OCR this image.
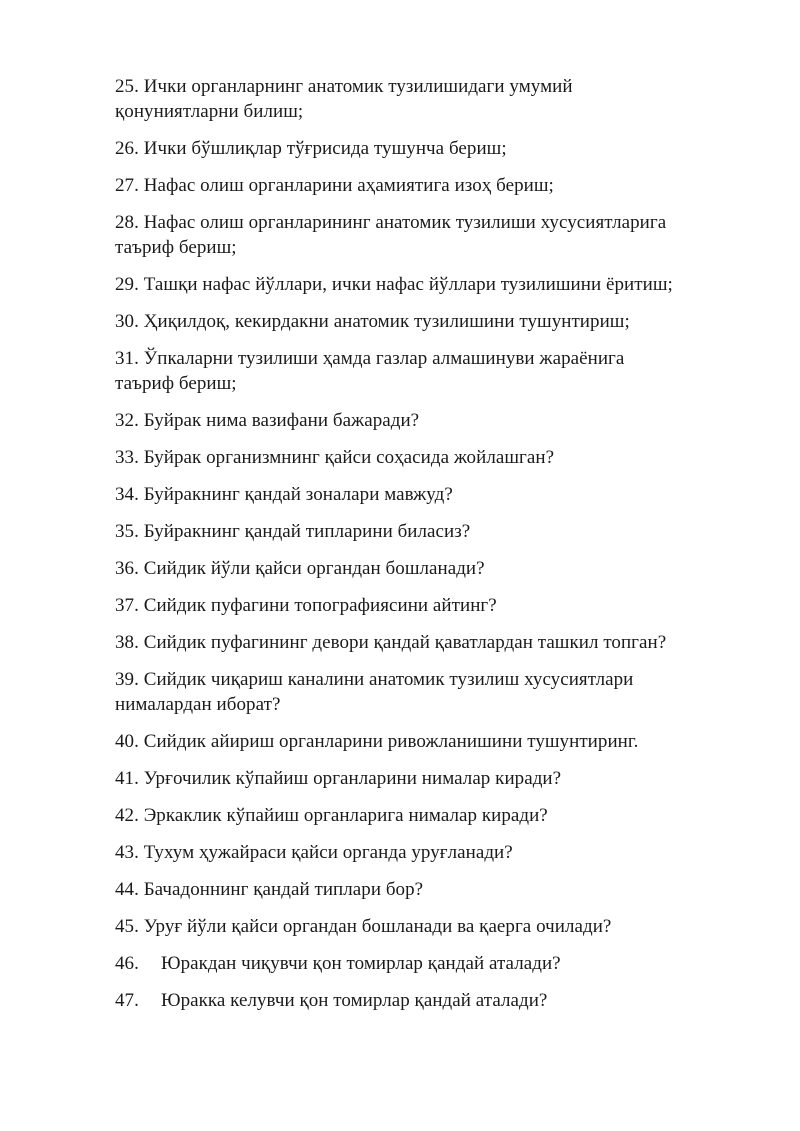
25. Ички органларнинг анатомик тузилишидаги умумий
қонуниятларни билиш;
26. Ички бўшлиқлар тўғрисида тушунча бериш;
27. Нафас олиш органларини аҳамиятига изоҳ бериш;
28. Нафас олиш органларининг анатомик тузилиши хусусиятларига
таъриф бериш;
29. Ташқи нафас йўллари, ички нафас йўллари тузилишини ёритиш;
30. Ҳиқилдоқ, кекирдакни анатомик тузилишини тушунтириш;
31. Ўпкаларни тузилиши ҳамда газлар алмашинуви жараёнига
таъриф бериш;
32. Буйрак нима вазифани бажаради?
33. Буйрак организмнинг қайси соҳасида жойлашган?
34. Буйракнинг қандай зоналари мавжуд?
35. Буйракнинг қандай типларини биласиз?
36. Сийдик йўли қайси органдан бошланади?
37. Сийдик пуфагини топографиясини айтинг?
38. Сийдик пуфагининг девори қандай қаватлардан ташкил топган?
39. Сийдик чиқариш каналини анатомик тузилиш хусусиятлари
нималардан иборат?
40. Сийдик айириш органларини ривожланишини тушунтиринг.
41. Урғочилик кўпайиш органларини нималар киради?
42. Эркаклик кўпайиш органларига нималар киради?
43. Тухум ҳужайраси қайси органда уруғланади?
44. Бачадоннинг қандай типлари бор?
45. Уруғ йўли қайси органдан бошланади ва қаерга очилади?
46. Юракдан чиқувчи қон томирлар қандай аталади?
47. Юракка келувчи қон томирлар қандай аталади?
